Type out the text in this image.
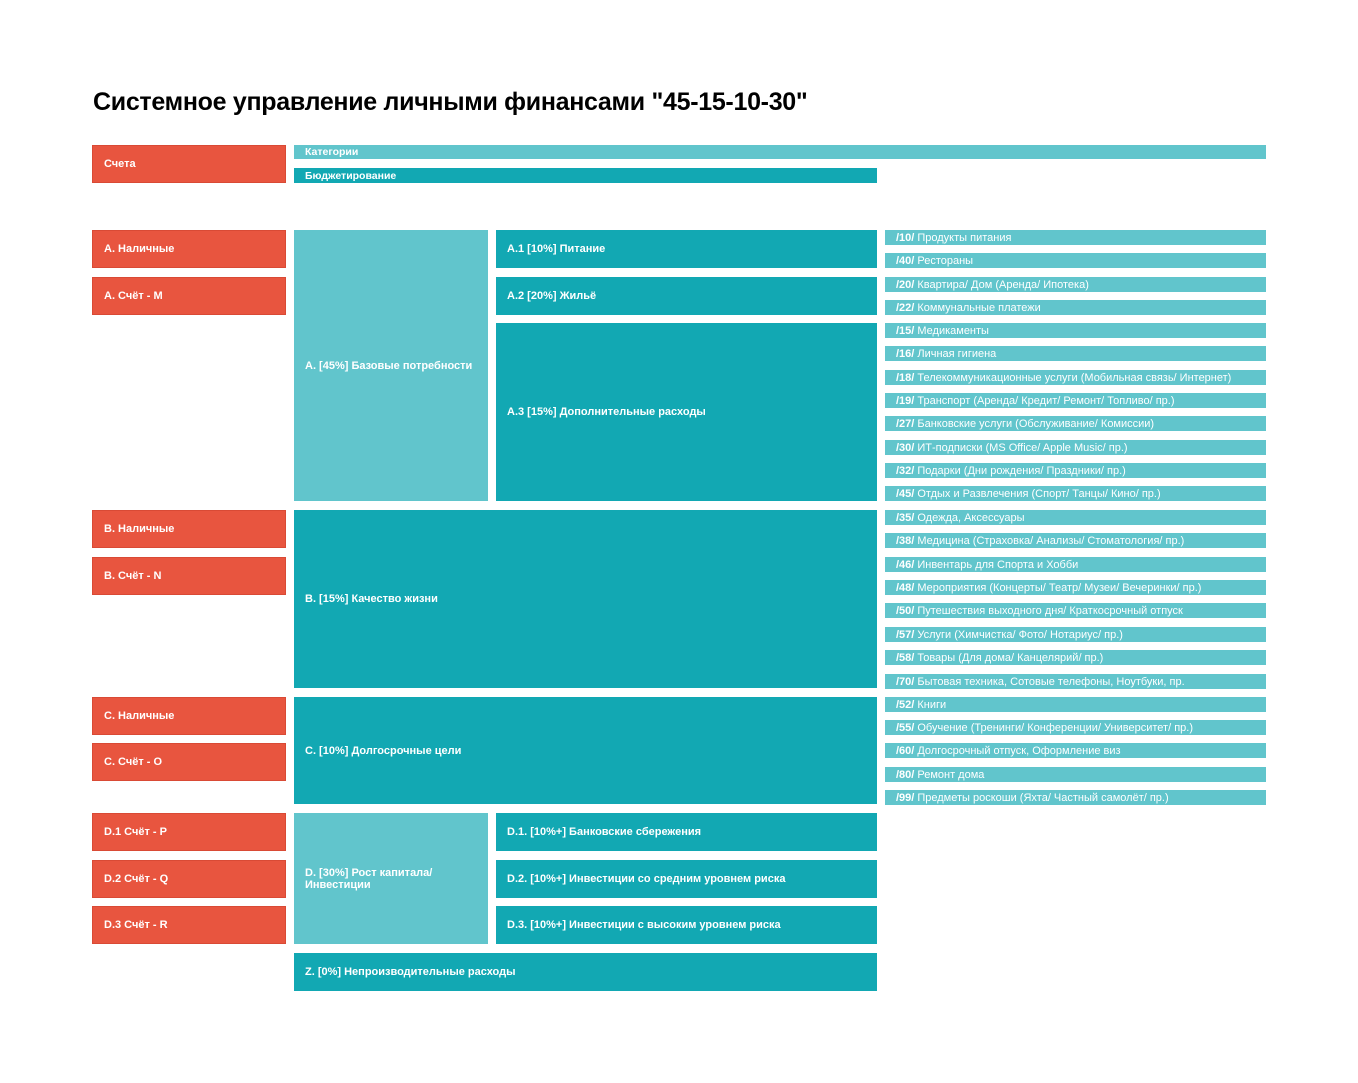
Системное управление личными финансами "45-15-10-30"
Счета
Категории
Бюджетирование
A. Наличные
A. Счёт - M
B. Наличные
B. Счёт - N
C. Наличные
C. Счёт - O
D.1 Счёт - P
D.2 Счёт - Q
D.3 Счёт - R
A. [45%] Базовые потребности
A.1 [10%] Питание
A.2 [20%] Жильё
A.3 [15%] Дополнительные расходы
B. [15%] Качество жизни
C. [10%] Долгосрочные цели
D. [30%] Рост капитала/ Инвестиции
D.1. [10%+] Банковские сбережения
D.2. [10%+] Инвестиции со средним уровнем риска
D.3. [10%+] Инвестиции с высоким уровнем риска
Z. [0%] Непроизводительные расходы
/10/ Продукты питания
/40/ Рестораны
/20/ Квартира/ Дом (Аренда/ Ипотека)
/22/ Коммунальные платежи
/15/ Медикаменты
/16/ Личная гигиена
/18/ Телекоммуникационные услуги (Мобильная связь/ Интернет)
/19/ Транспорт (Аренда/ Кредит/ Ремонт/ Топливо/ пр.)
/27/ Банковские услуги (Обслуживание/ Комиссии)
/30/ ИТ-подписки (MS Office/ Apple Music/ пр.)
/32/ Подарки (Дни рождения/ Праздники/ пр.)
/45/ Отдых и Развлечения (Спорт/ Танцы/ Кино/ пр.)
/35/ Одежда, Аксессуары
/38/ Медицина (Страховка/ Анализы/ Стоматология/ пр.)
/46/ Инвентарь для Спорта и Хобби
/48/ Мероприятия (Концерты/ Театр/ Музеи/ Вечеринки/ пр.)
/50/ Путешествия выходного дня/ Краткосрочный отпуск
/57/ Услуги (Химчистка/ Фото/ Нотариус/ пр.)
/58/ Товары (Для дома/ Канцелярий/ пр.)
/70/ Бытовая техника, Сотовые телефоны, Ноутбуки, пр.
/52/ Книги
/55/ Обучение (Тренинги/ Конференции/ Университет/ пр.)
/60/ Долгосрочный отпуск, Оформление виз
/80/ Ремонт дома
/99/ Предметы роскоши (Яхта/ Частный самолёт/ пр.)
